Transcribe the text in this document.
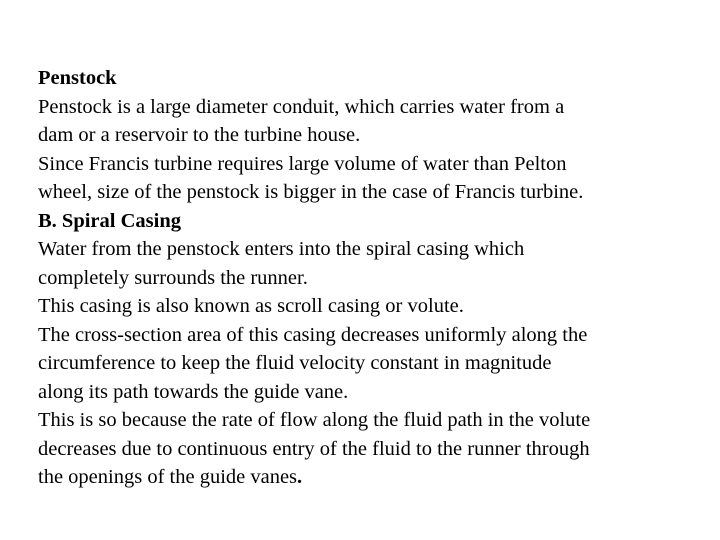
Penstock
Penstock is a large diameter conduit, which carries water from a
dam or a reservoir to the turbine house.
Since Francis turbine requires large volume of water than Pelton
wheel, size of the penstock is bigger in the case of Francis turbine.
B. Spiral Casing
Water from the penstock enters into the spiral casing which
completely surrounds the runner.
This casing is also known as scroll casing or volute.
The cross-section area of this casing decreases uniformly along the
circumference to keep the fluid velocity constant in magnitude
along its path towards the guide vane.
This is so because the rate of flow along the fluid path in the volute
decreases due to continuous entry of the fluid to the runner through
the openings of the guide vanes.
